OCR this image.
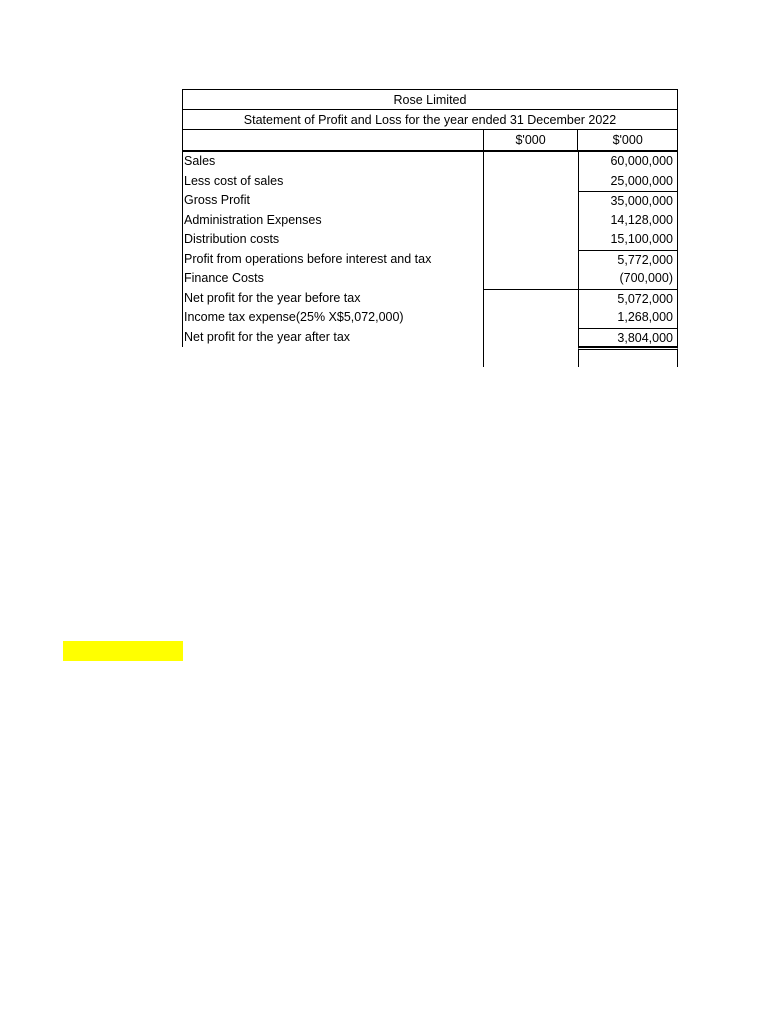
Rose Limited
Statement of Profit and Loss for the year ended 31 December 2022
$'000	$'000
Sales	60,000,000
Less cost of sales	25,000,000
Gross Profit	35,000,000
Administration Expenses	14,128,000
Distribution costs	15,100,000
Profit from operations before interest and tax	5,772,000
Finance Costs	(700,000)
Net profit for the year before tax	5,072,000
Income tax expense(25% X$5,072,000)	1,268,000
Net profit for the year after tax	3,804,000
